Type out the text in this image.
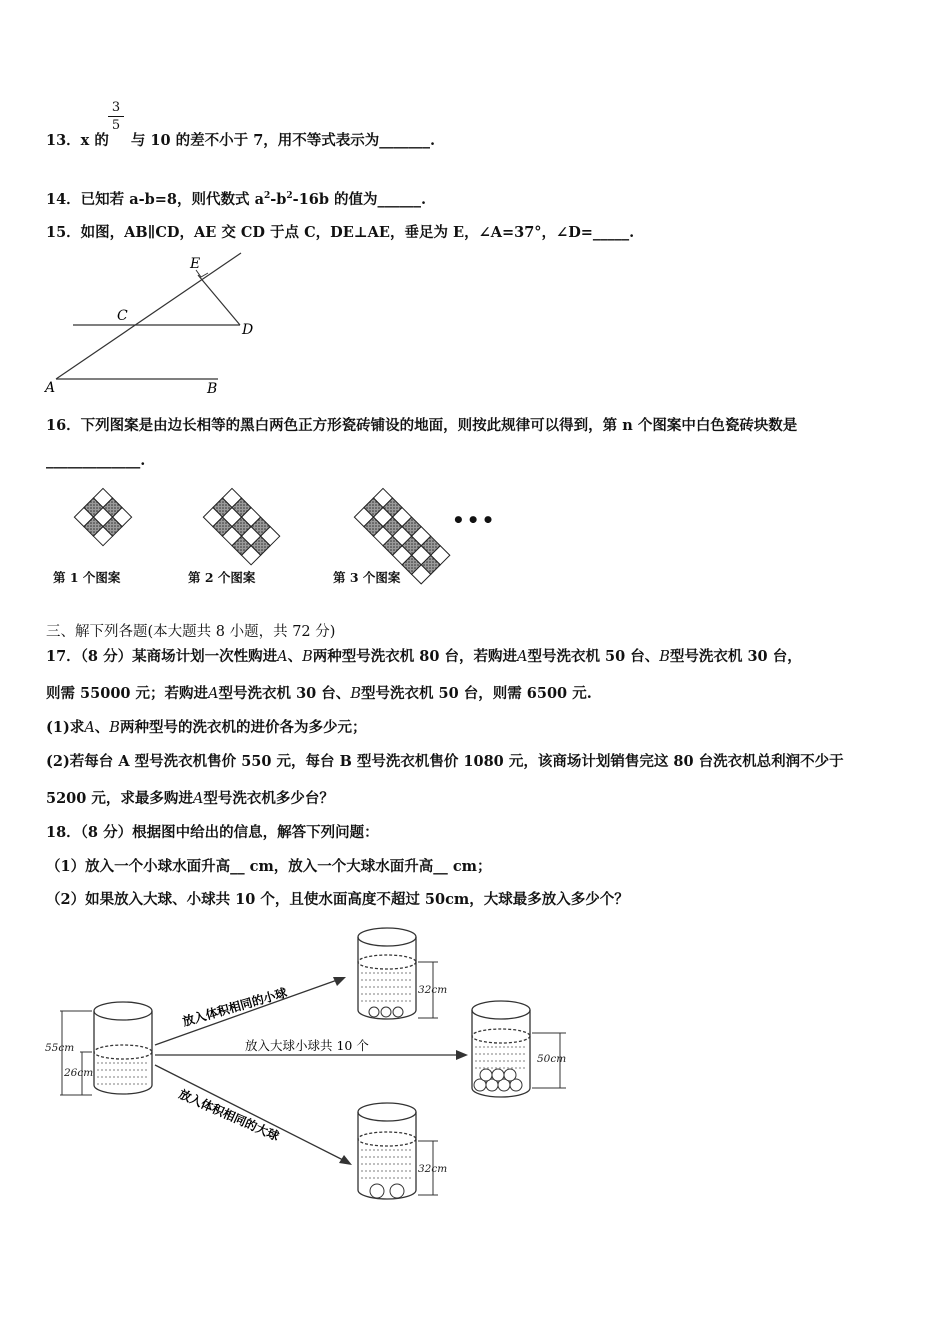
3
5
13．x 的 与 10 的差不小于 7，用不等式表示为_______.
14．已知若 a-b=8，则代数式 $a^2-b^2-16b$ 的值为______.
15．如图，AB∥CD，AE 交 CD 于点 C，DE⊥AE，垂足为 E，∠A=37°，∠D=_____.
E
C
D
A	B
16．下列图案是由边长相等的黑白两色正方形瓷砖铺设的地面，则按此规律可以得到，第 n 个图案中白色瓷砖块数是
_____________.
•••
第 1 个图案	第 2 个图案	第 3 个图案
三、解下列各题(本大题共 8 小题，共 72 分)
17．（8 分）某商场计划一次性购进A、B两种型号洗衣机 80 台，若购进A型号洗衣机 50 台、B型号洗衣机 30 台，
则需 55000 元；若购进A型号洗衣机 30 台、B型号洗衣机 50 台，则需 6500 元.
(1)求A、B两种型号的洗衣机的进价各为多少元；
(2)若每台 A 型号洗衣机售价 550 元，每台 B 型号洗衣机售价 1080 元，该商场计划销售完这 80 台洗衣机总利润不少于
5200 元，求最多购进A型号洗衣机多少台？
18．（8 分）根据图中给出的信息，解答下列问题：
（1）放入一个小球水面升高__ cm，放入一个大球水面升高__ cm；
（2）如果放入大球、小球共 10 个，且使水面高度不超过 50cm，大球最多放入多少个？
55cm
26cm
32cm
50cm
32cm
放入体积相同的小球
放入大球小球共 10 个
放入体积相同的大球
